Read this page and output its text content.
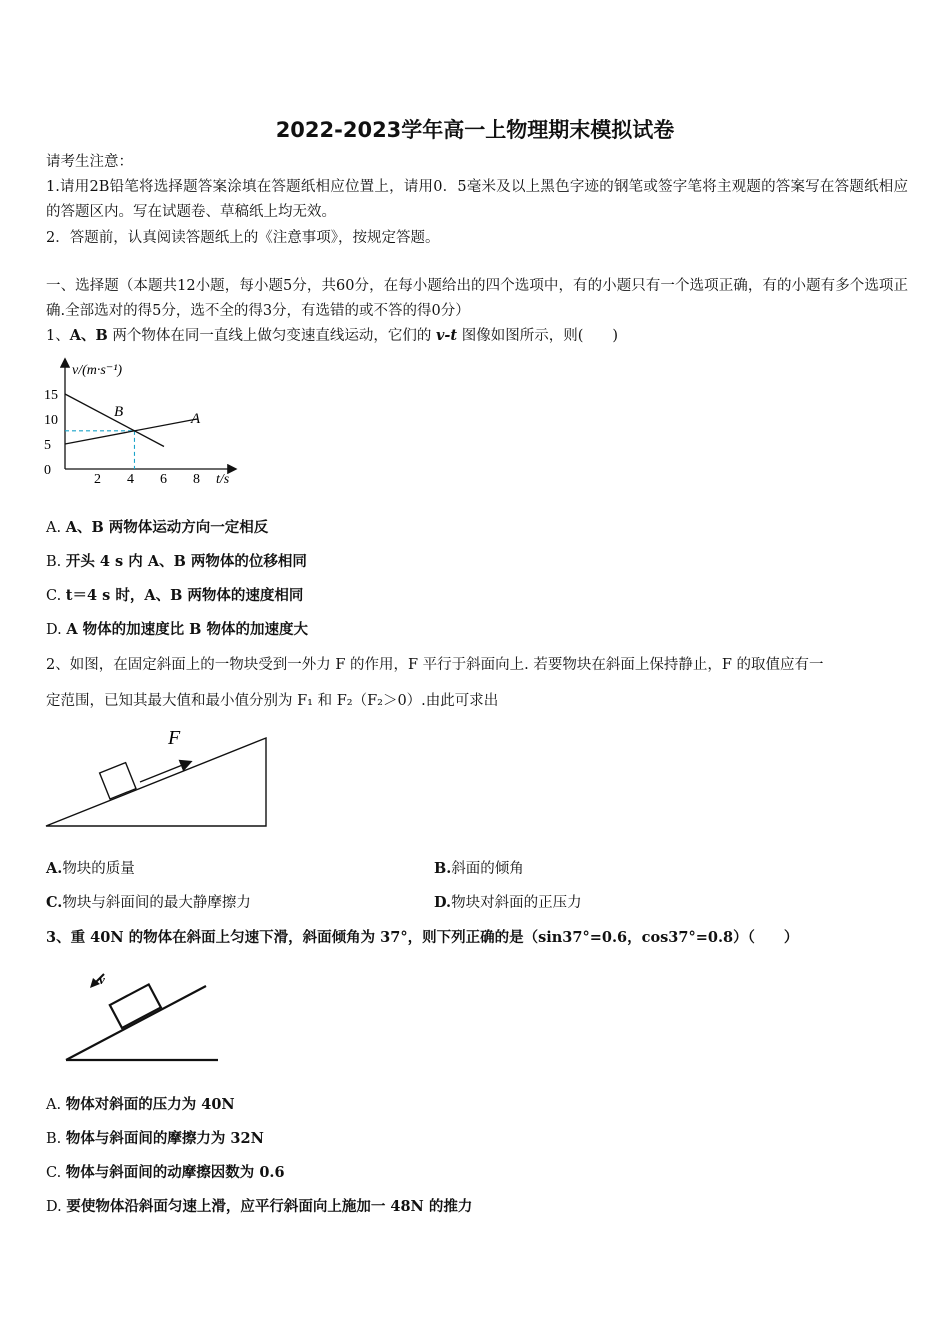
2022-2023学年高一上物理期末模拟试卷
请考生注意：
1.请用2B铅笔将选择题答案涂填在答题纸相应位置上，请用0．5毫米及以上黑色字迹的钢笔或签字笔将主观题的答案写在答题纸相应的答题区内。写在试题卷、草稿纸上均无效。
2．答题前，认真阅读答题纸上的《注意事项》，按规定答题。
一、选择题（本题共12小题，每小题5分，共60分，在每小题给出的四个选项中，有的小题只有一个选项正确，有的小题有多个选项正确.全部选对的得5分，选不全的得3分，有选错的或不答的得0分）
1、A、B 两个物体在同一直线上做匀变速直线运动，它们的 v-t 图像如图所示，则(　　)
v/(m·s⁻¹)
t/s
2 4 6 8
15
10
5
0
B	A
A. A、B 两物体运动方向一定相反
B. 开头 4 s 内 A、B 两物体的位移相同
C. t＝4 s 时，A、B 两物体的速度相同
D. A 物体的加速度比 B 物体的加速度大
2、如图，在固定斜面上的一物块受到一外力 F 的作用，F 平行于斜面向上. 若要物块在斜面上保持静止，F 的取值应有一
定范围，已知其最大值和最小值分别为 F₁ 和 F₂（F₂＞0）.由此可求出
F
A.物块的质量	B.斜面的倾角
C.物块与斜面间的最大静摩擦力	D.物块对斜面的正压力
3、重 40N 的物体在斜面上匀速下滑，斜面倾角为 37°，则下列正确的是（sin37°=0.6，cos37°=0.8）（　　）
v
A. 物体对斜面的压力为 40N
B. 物体与斜面间的摩擦力为 32N
C. 物体与斜面间的动摩擦因数为 0.6
D. 要使物体沿斜面匀速上滑，应平行斜面向上施加一 48N 的推力
